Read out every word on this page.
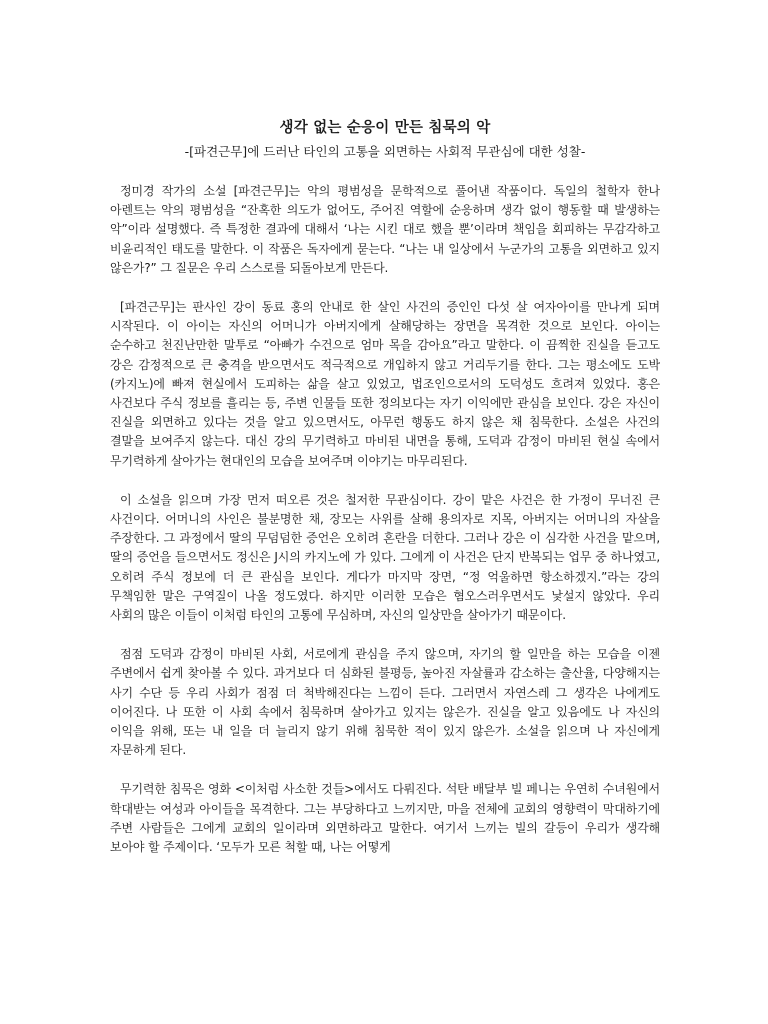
생각 없는 순응이 만든 침묵의 악

-[파견근무]에 드러난 타인의 고통을 외면하는 사회적 무관심에 대한 성찰-

정미경 작가의 소설 [파견근무]는 악의 평범성을 문학적으로 풀어낸 작품이다. 독일의 철학자 한나 아렌트는 악의 평범성을 “잔혹한 의도가 없어도, 주어진 역할에 순응하며 생각 없이 행동할 때 발생하는 악”이라 설명했다. 즉 특정한 결과에 대해서 ‘나는 시킨 대로 했을 뿐’이라며 책임을 회피하는 무감각하고 비윤리적인 태도를 말한다. 이 작품은 독자에게 묻는다. “나는 내 일상에서 누군가의 고통을 외면하고 있지 않은가?” 그 질문은 우리 스스로를 되돌아보게 만든다.

[파견근무]는 판사인 강이 동료 홍의 안내로 한 살인 사건의 증인인 다섯 살 여자아이를 만나게 되며 시작된다. 이 아이는 자신의 어머니가 아버지에게 살해당하는 장면을 목격한 것으로 보인다. 아이는 순수하고 천진난만한 말투로 “아빠가 수건으로 엄마 목을 감아요”라고 말한다. 이 끔찍한 진실을 듣고도 강은 감정적으로 큰 충격을 받으면서도 적극적으로 개입하지 않고 거리두기를 한다. 그는 평소에도 도박(카지노)에 빠져 현실에서 도피하는 삶을 살고 있었고, 법조인으로서의 도덕성도 흐려져 있었다. 홍은 사건보다 주식 정보를 흘리는 등, 주변 인물들 또한 정의보다는 자기 이익에만 관심을 보인다. 강은 자신이 진실을 외면하고 있다는 것을 알고 있으면서도, 아무런 행동도 하지 않은 채 침묵한다. 소설은 사건의 결말을 보여주지 않는다. 대신 강의 무기력하고 마비된 내면을 통해, 도덕과 감정이 마비된 현실 속에서 무기력하게 살아가는 현대인의 모습을 보여주며 이야기는 마무리된다.

이 소설을 읽으며 가장 먼저 떠오른 것은 철저한 무관심이다. 강이 맡은 사건은 한 가정이 무너진 큰 사건이다. 어머니의 사인은 불분명한 채, 장모는 사위를 살해 용의자로 지목, 아버지는 어머니의 자살을 주장한다. 그 과정에서 딸의 무덤덤한 증언은 오히려 혼란을 더한다. 그러나 강은 이 심각한 사건을 맡으며, 딸의 증언을 들으면서도 정신은 J시의 카지노에 가 있다. 그에게 이 사건은 단지 반복되는 업무 중 하나였고, 오히려 주식 정보에 더 큰 관심을 보인다. 게다가 마지막 장면, “정 억울하면 항소하겠지.”라는 강의 무책임한 말은 구역질이 나올 정도였다. 하지만 이러한 모습은 혐오스러우면서도 낯설지 않았다. 우리 사회의 많은 이들이 이처럼 타인의 고통에 무심하며, 자신의 일상만을 살아가기 때문이다.

점점 도덕과 감정이 마비된 사회, 서로에게 관심을 주지 않으며, 자기의 할 일만을 하는 모습을 이젠 주변에서 쉽게 찾아볼 수 있다. 과거보다 더 심화된 불평등, 높아진 자살률과 감소하는 출산율, 다양해지는 사기 수단 등 우리 사회가 점점 더 척박해진다는 느낌이 든다. 그러면서 자연스레 그 생각은 나에게도 이어진다. 나 또한 이 사회 속에서 침묵하며 살아가고 있지는 않은가. 진실을 알고 있음에도 나 자신의 이익을 위해, 또는 내 일을 더 늘리지 않기 위해 침묵한 적이 있지 않은가. 소설을 읽으며 나 자신에게 자문하게 된다.

무기력한 침묵은 영화 <이처럼 사소한 것들>에서도 다뤄진다. 석탄 배달부 빌 페니는 우연히 수녀원에서 학대받는 여성과 아이들을 목격한다. 그는 부당하다고 느끼지만, 마을 전체에 교회의 영향력이 막대하기에 주변 사람들은 그에게 교회의 일이라며 외면하라고 말한다. 여기서 느끼는 빌의 갈등이 우리가 생각해 보아야 할 주제이다. ‘모두가 모른 척할 때, 나는 어떻게
